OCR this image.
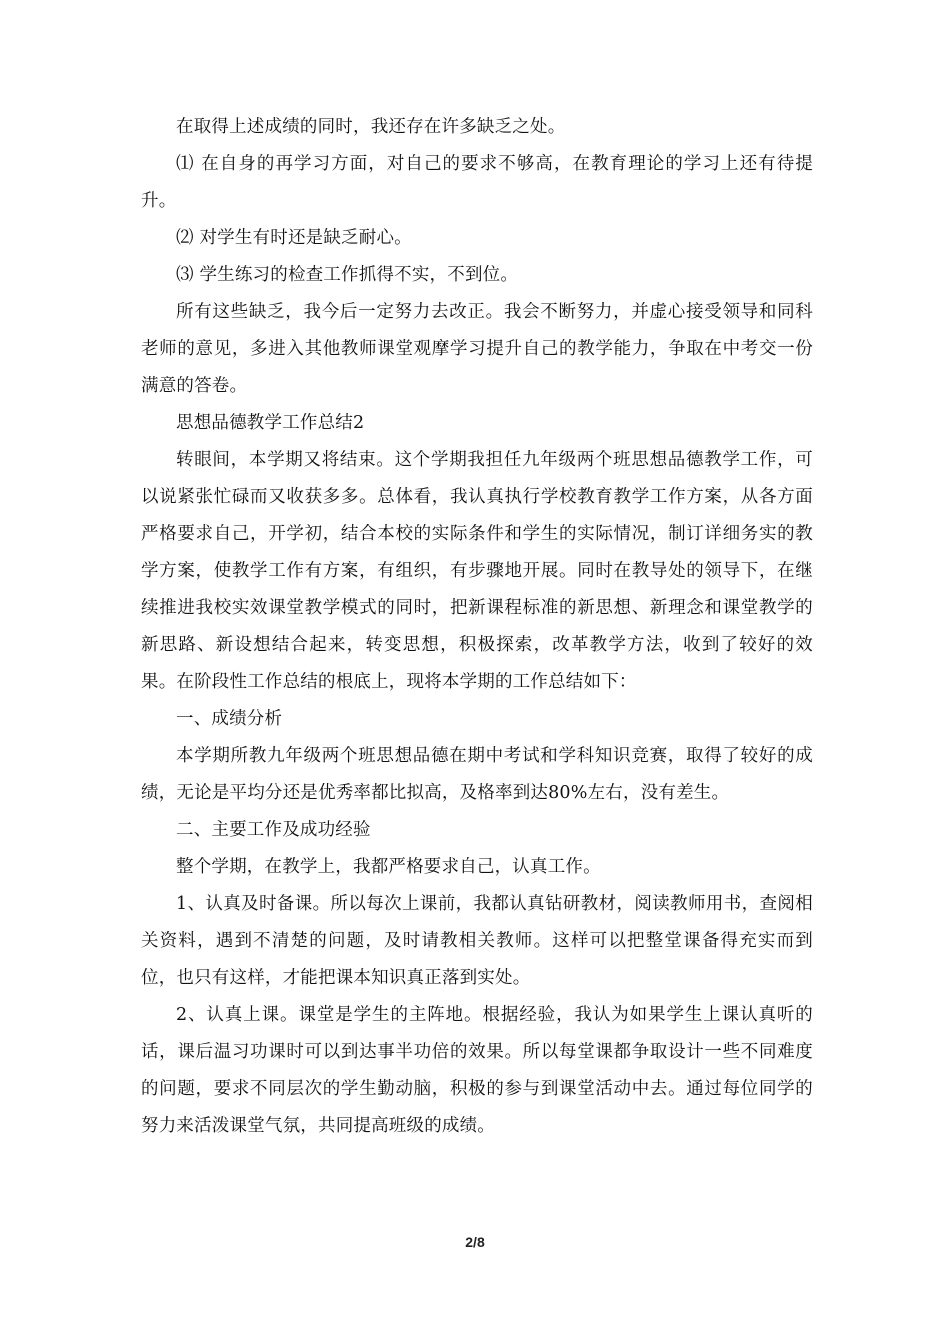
在取得上述成绩的同时，我还存在许多缺乏之处。

⑴ 在自身的再学习方面，对自己的要求不够高，在教育理论的学习上还有待提升。

⑵ 对学生有时还是缺乏耐心。

⑶ 学生练习的检查工作抓得不实，不到位。

所有这些缺乏，我今后一定努力去改正。我会不断努力，并虚心接受领导和同科老师的意见，多进入其他教师课堂观摩学习提升自己的教学能力，争取在中考交一份满意的答卷。

思想品德教学工作总结2

转眼间，本学期又将结束。这个学期我担任九年级两个班思想品德教学工作，可以说紧张忙碌而又收获多多。总体看，我认真执行学校教育教学工作方案，从各方面严格要求自己，开学初，结合本校的实际条件和学生的实际情况，制订详细务实的教学方案，使教学工作有方案，有组织，有步骤地开展。同时在教导处的领导下，在继续推进我校实效课堂教学模式的同时，把新课程标准的新思想、新理念和课堂教学的新思路、新设想结合起来，转变思想，积极探索，改革教学方法，收到了较好的效果。在阶段性工作总结的根底上，现将本学期的工作总结如下：

一、成绩分析

本学期所教九年级两个班思想品德在期中考试和学科知识竞赛，取得了较好的成绩，无论是平均分还是优秀率都比拟高，及格率到达80%左右，没有差生。

二、主要工作及成功经验

整个学期，在教学上，我都严格要求自己，认真工作。

1、认真及时备课。所以每次上课前，我都认真钻研教材，阅读教师用书，查阅相关资料，遇到不清楚的问题，及时请教相关教师。这样可以把整堂课备得充实而到位，也只有这样，才能把课本知识真正落到实处。

2、认真上课。课堂是学生的主阵地。根据经验，我认为如果学生上课认真听的话，课后温习功课时可以到达事半功倍的效果。所以每堂课都争取设计一些不同难度的问题，要求不同层次的学生勤动脑，积极的参与到课堂活动中去。通过每位同学的努力来活泼课堂气氛，共同提高班级的成绩。

2/8
